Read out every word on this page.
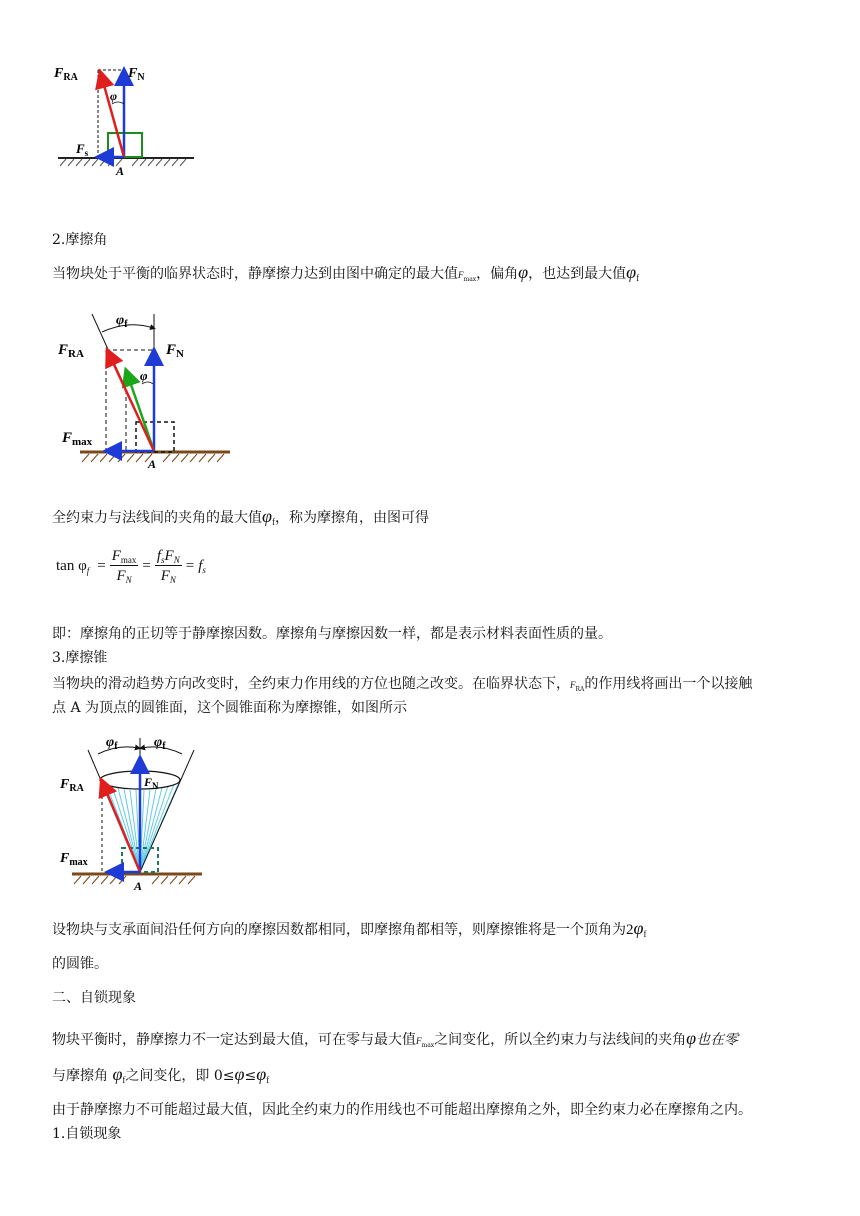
$F_{RA}$	$F_N$
φ
$F_s$
A
2.摩擦角
当物块处于平衡的临界状态时，静摩擦力达到由图中确定的最大值$F_{max}$，偏角φ，也达到最大值$\varphi_f$
$\varphi_f$
$F_{RA}$	$F_N$
φ
$F_{max}$
A
全约束力与法线间的夹角的最大值$\varphi_f$，称为摩擦角，由图可得
$\tan \varphi_f$	=	
$F_{max}$
$F_N$
	=	
$f_sF_N$
$F_N$
	=	$f_s$
即：摩擦角的正切等于静摩擦因数。摩擦角与摩擦因数一样，都是表示材料表面性质的量。
3.摩擦锥
当物块的滑动趋势方向改变时，全约束力作用线的方位也随之改变。在临界状态下，$F_{RA}$的作用线将画出一个以接触
点 A 为顶点的圆锥面，这个圆锥面称为摩擦锥，如图所示
$\varphi_f$	$\varphi_f$
$F_{RA}$	$F_N$
$F_{max}$
A
设物块与支承面间沿任何方向的摩擦因数都相同，即摩擦角都相等，则摩擦锥将是一个顶角为$2\varphi_f$
的圆锥。
二、自锁现象
物块平衡时，静摩擦力不一定达到最大值，可在零与最大值$F_{max}$之间变化，所以全约束力与法线间的夹角φ也在零
与摩擦角 $\varphi_f$之间变化，即 $0\le\varphi\le\varphi_f$
由于静摩擦力不可能超过最大值，因此全约束力的作用线也不可能超出摩擦角之外，即全约束力必在摩擦角之内。
1.自锁现象
